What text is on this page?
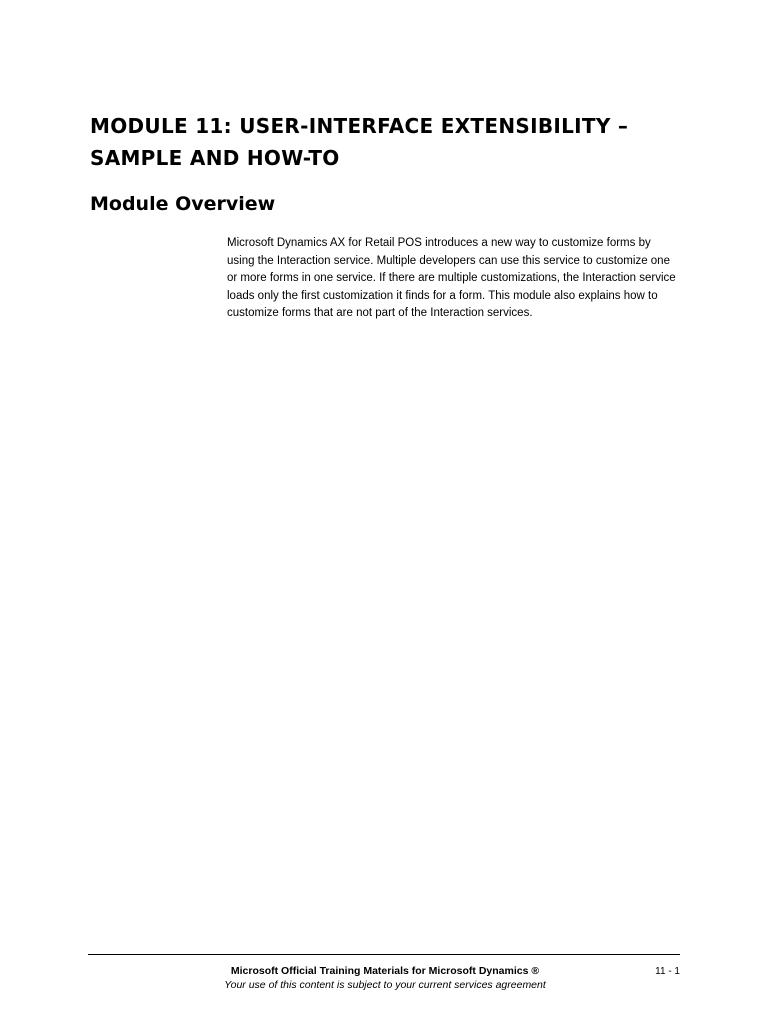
MODULE 11: USER-INTERFACE EXTENSIBILITY –
SAMPLE AND HOW-TO
Module Overview

Microsoft Dynamics AX for Retail POS introduces a new way to customize forms by using the Interaction service. Multiple developers can use this service to customize one or more forms in one service. If there are multiple customizations, the Interaction service loads only the first customization it finds for a form. This module also explains how to customize forms that are not part of the Interaction services.

Microsoft Official Training Materials for Microsoft Dynamics ®
Your use of this content is subject to your current services agreement
11 - 1
